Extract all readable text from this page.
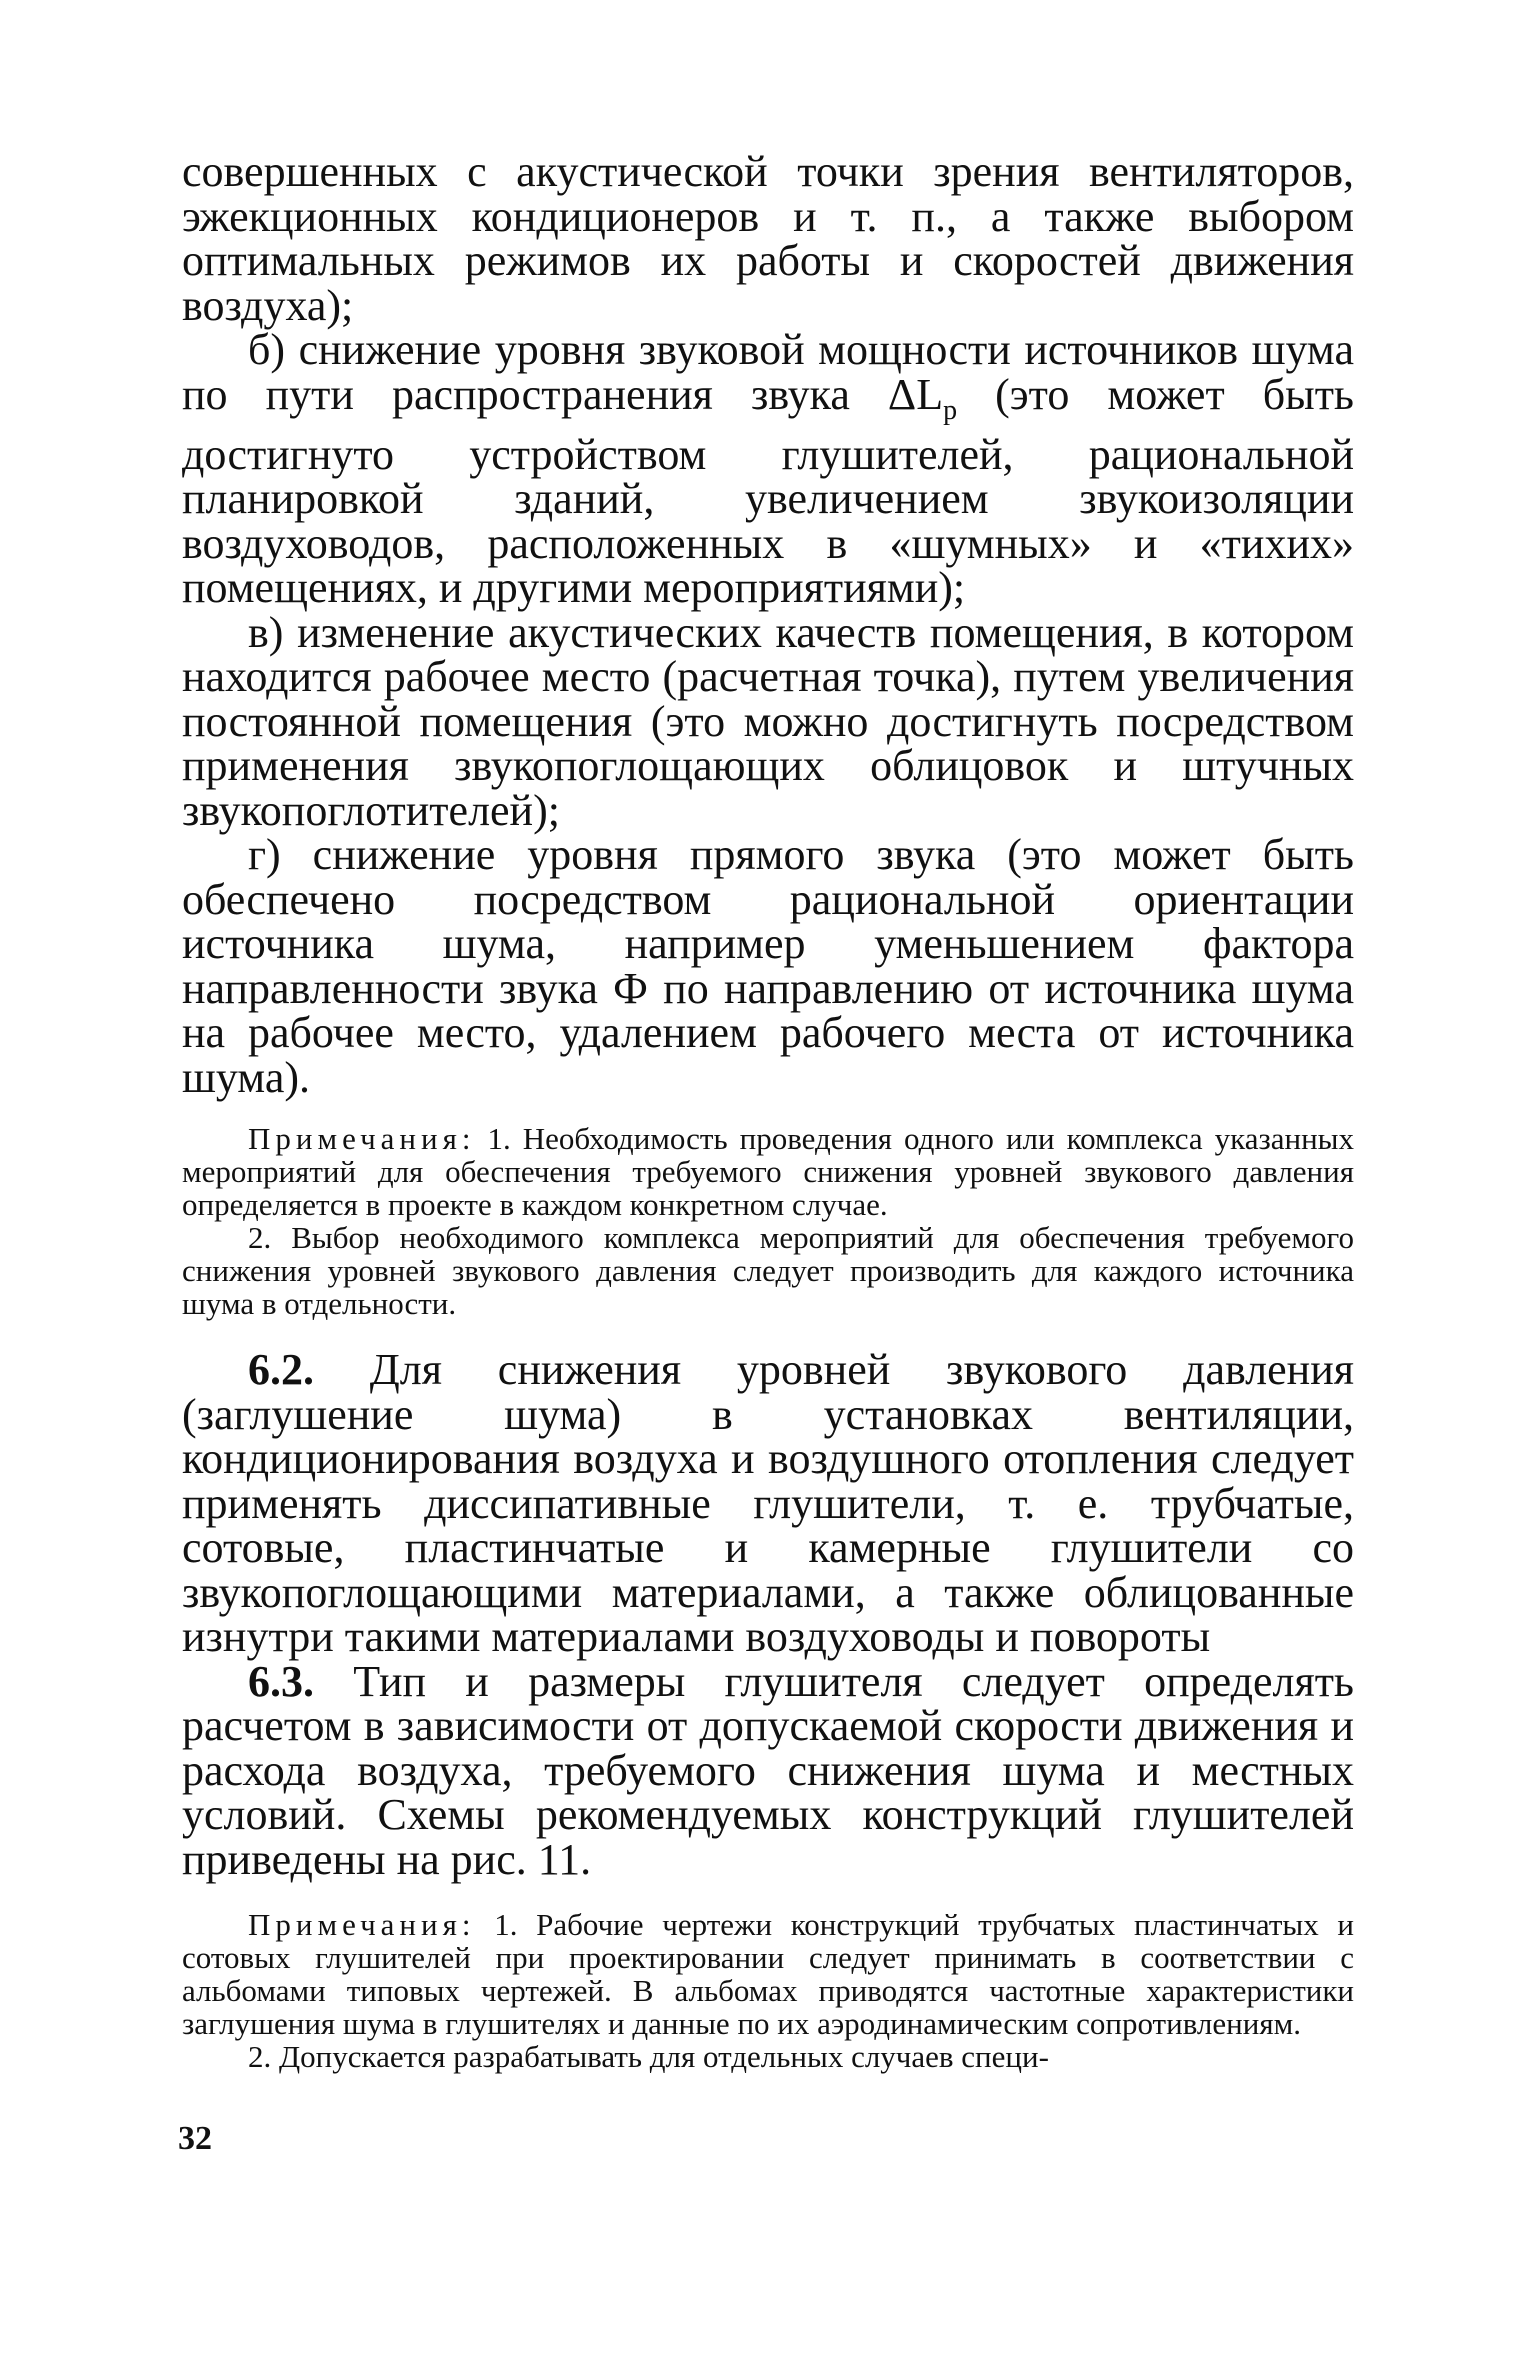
совершенных с акустической точки зрения вентиляторов, эжекционных кондиционеров и т. п., а также выбором оптимальных режимов их работы и скоростей движения воздуха);

б) снижение уровня звуковой мощности источников шума по пути распространения звука $\Delta L_р$ (это может быть достигнуто устройством глушителей, рациональной планировкой зданий, увеличением звукоизоляции воздуховодов, расположенных в «шумных» и «тихих» помещениях, и другими мероприятиями);

в) изменение акустических качеств помещения, в котором находится рабочее место (расчетная точка), путем увеличения постоянной помещения (это можно достигнуть посредством применения звукопоглощающих облицовок и штучных звукопоглотителей);

г) снижение уровня прямого звука (это может быть обеспечено посредством рациональной ориентации источника шума, например уменьшением фактора направленности звука Ф по направлению от источника шума на рабочее место, удалением рабочего места от источника шума).

Примечания: 1. Необходимость проведения одного или комплекса указанных мероприятий для обеспечения требуемого снижения уровней звукового давления определяется в проекте в каждом конкретном случае.

2. Выбор необходимого комплекса мероприятий для обеспечения требуемого снижения уровней звукового давления следует производить для каждого источника шума в отдельности.

6.2. Для снижения уровней звукового давления (заглушение шума) в установках вентиляции, кондиционирования воздуха и воздушного отопления следует применять диссипативные глушители, т. е. трубчатые, сотовые, пластинчатые и камерные глушители со звукопоглощающими материалами, а также облицованные изнутри такими материалами воздуховоды и повороты

6.3. Тип и размеры глушителя следует определять расчетом в зависимости от допускаемой скорости движения и расхода воздуха, требуемого снижения шума и местных условий. Схемы рекомендуемых конструкций глушителей приведены на рис. 11.

Примечания: 1. Рабочие чертежи конструкций трубчатых пластинчатых и сотовых глушителей при проектировании следует принимать в соответствии с альбомами типовых чертежей. В альбомах приводятся частотные характеристики заглушения шума в глушителях и данные по их аэродинамическим сопротивлениям.

2. Допускается разрабатывать для отдельных случаев специ-

32
